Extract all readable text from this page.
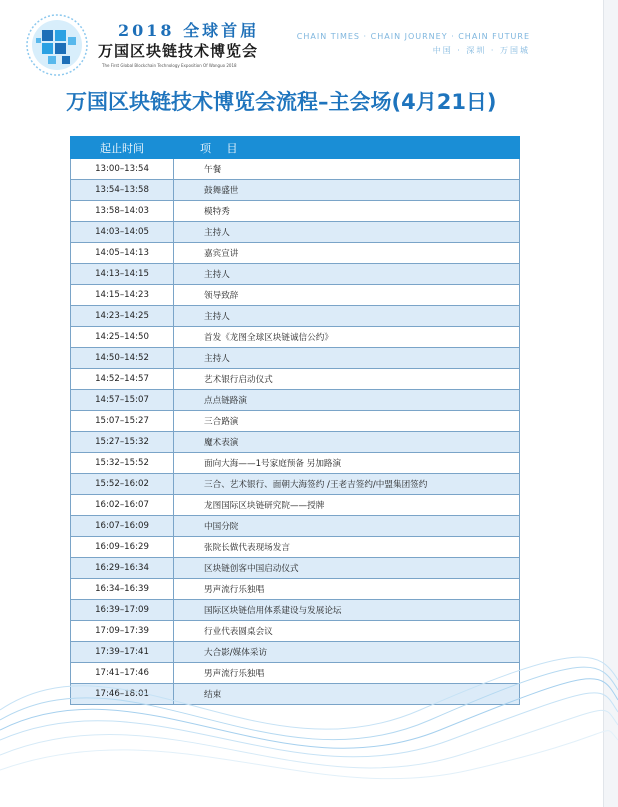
2018 全球首届
万国区块链技术博览会
The First Global Blockchain Technology Exposition Of Wanguo 2018
CHAIN TIMES · CHAIN JOURNEY · CHAIN FUTURE
中国 · 深圳 · 万国城
万国区块链技术博览会流程–主会场(4月21日)
起止时间	项 目
13:00–13:54	午餐
13:54–13:58	鼓舞盛世
13:58–14:03	模特秀
14:03–14:05	主持人
14:05–14:13	嘉宾宣讲
14:13–14:15	主持人
14:15–14:23	领导致辞
14:23–14:25	主持人
14:25–14:50	首发《龙图全球区块链诚信公约》
14:50–14:52	主持人
14:52–14:57	艺术银行启动仪式
14:57–15:07	点点链路演
15:07–15:27	三合路演
15:27–15:32	魔术表演
15:32–15:52	面向大海——1号家庭预备 另加路演
15:52–16:02	三合、艺术银行、面朝大海签约 /王老吉签约/中盟集团签约
16:02–16:07	龙图国际区块链研究院——授牌
16:07–16:09	中国分院
16:09–16:29	张院长做代表现场发言
16:29–16:34	区块链创客中国启动仪式
16:34–16:39	男声流行乐独唱
16:39–17:09	国际区块链信用体系建设与发展论坛
17:09–17:39	行业代表圆桌会议
17:39–17:41	大合影/媒体采访
17:41–17:46	男声流行乐独唱
17:46–18:01	结束
